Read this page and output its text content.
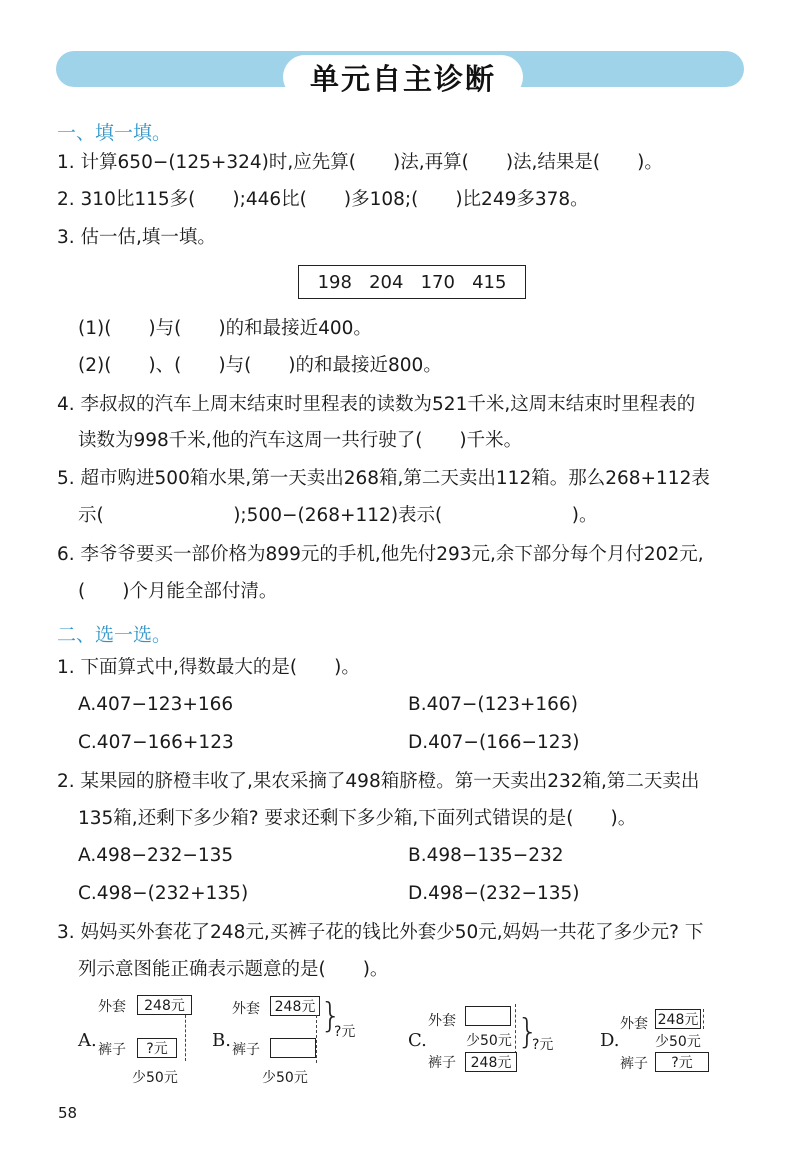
单元自主诊断
一、填一填。
1. 计算650−(125+324)时,应先算(　　)法,再算(　　)法,结果是(　　)。
2. 310比115多(　　);446比(　　)多108;(　　)比249多378。
3. 估一估,填一填。
198 204 170 415
(1)(　　)与(　　)的和最接近400。
(2)(　　)、(　　)与(　　)的和最接近800。
4. 李叔叔的汽车上周末结束时里程表的读数为521千米,这周末结束时里程表的
读数为998千米,他的汽车这周一共行驶了(　　)千米。
5. 超市购进500箱水果,第一天卖出268箱,第二天卖出112箱。那么268+112表
示(　　　　　　　);500−(268+112)表示(　　　　　　　)。
6. 李爷爷要买一部价格为899元的手机,他先付293元,余下部分每个月付202元,
(　　)个月能全部付清。
二、选一选。
1. 下面算式中,得数最大的是(　　)。
A.407−123+166	B.407−(123+166)
C.407−166+123	D.407−(166−123)
2. 某果园的脐橙丰收了,果农采摘了498箱脐橙。第一天卖出232箱,第二天卖出
135箱,还剩下多少箱? 要求还剩下多少箱,下面列式错误的是(　　)。
A.498−232−135	B.498−135−232
C.498−(232+135)	D.498−(232−135)
3. 妈妈买外套花了248元,买裤子花的钱比外套少50元,妈妈一共花了多少元? 下
列示意图能正确表示题意的是(　　)。
外套	248元
A. 裤子	?元
少50元
外套	248元
B. 裤子
}
?元
少50元
外套
C.	少50元
裤子	248元
}
?元
外套 248元
D.	少50元
裤子	?元
58
